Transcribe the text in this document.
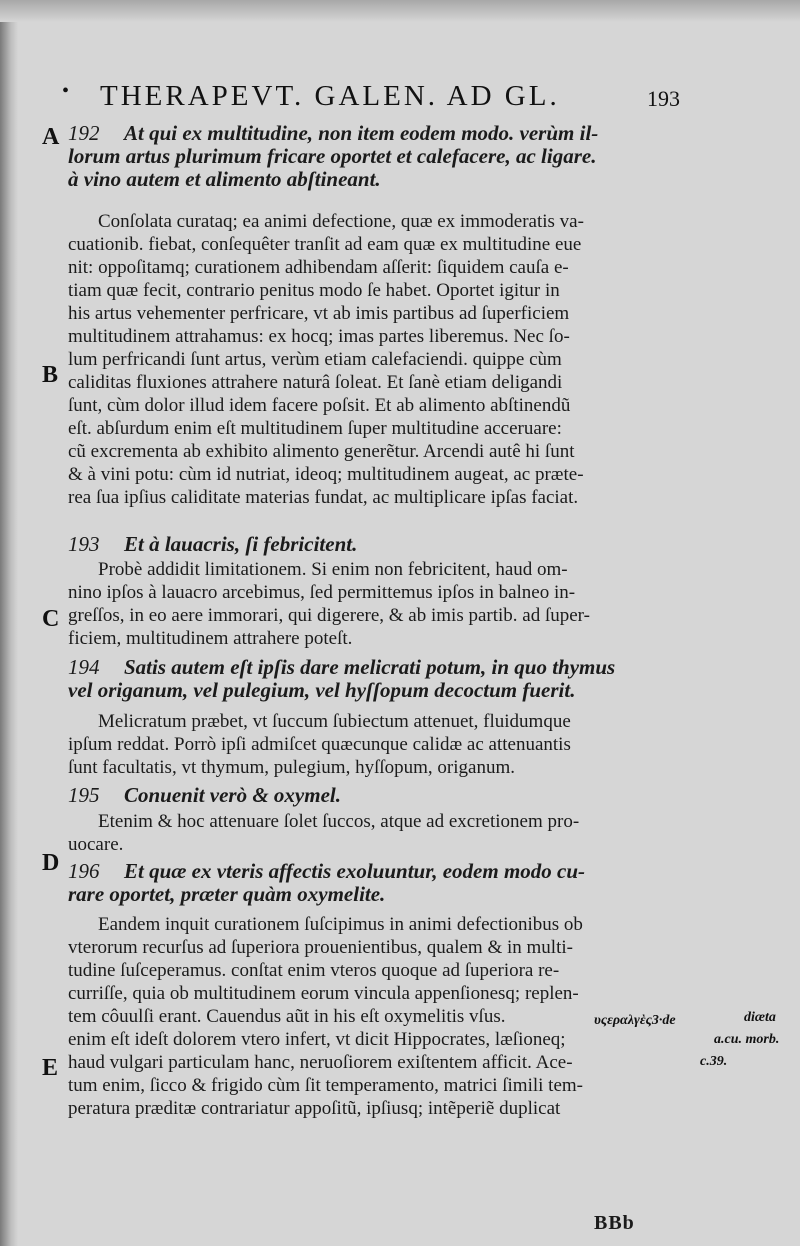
• THERAPEVT. GALEN. AD GL.	193
A
B
C
D
E
υςεραλγὲς3·de	diæta
a.cu. morb.
c.39.
192 At qui ex multitudine, non item eodem modo. verùm il-
lorum artus plurimum fricare oportet et calefacere, ac ligare.
à vino autem et alimento abſtineant.
Conſolata curataq; ea animi defectione, quæ ex immoderatis va-
cuationib. fiebat, conſequêter tranſit ad eam quæ ex multitudine eue
nit: oppoſitamq; curationem adhibendam aſſerit: ſiquidem cauſa e-
tiam quæ fecit, contrario penitus modo ſe habet. Oportet igitur in
his artus vehementer perfricare, vt ab imis partibus ad ſuperficiem
multitudinem attrahamus: ex hocq; imas partes liberemus. Nec ſo-
lum perfricandi ſunt artus, verùm etiam calefaciendi. quippe cùm
caliditas fluxiones attrahere naturâ ſoleat. Et ſanè etiam deligandi
ſunt, cùm dolor illud idem facere poſsit. Et ab alimento abſtinendũ
eſt. abſurdum enim eſt multitudinem ſuper multitudine acceruare:
cũ excrementa ab exhibito alimento generẽtur. Arcendi autê hi ſunt
& à vini potu: cùm id nutriat, ideoq; multitudinem augeat, ac præte-
rea ſua ipſius caliditate materias fundat, ac multiplicare ipſas faciat.
193 Et à lauacris, ſi febricitent.
Probè addidit limitationem. Si enim non febricitent, haud om-
nino ipſos à lauacro arcebimus, ſed permittemus ipſos in balneo in-
greſſos, in eo aere immorari, qui digerere, & ab imis partib. ad ſuper-
ficiem, multitudinem attrahere poteſt.
194 Satis autem eſt ipſis dare melicrati potum, in quo thymus
vel origanum, vel pulegium, vel hyſſopum decoctum fuerit.
Melicratum præbet, vt ſuccum ſubiectum attenuet, fluidumque
ipſum reddat. Porrò ipſi admiſcet quæcunque calidæ ac attenuantis
ſunt facultatis, vt thymum, pulegium, hyſſopum, origanum.
195 Conuenit verò & oxymel.
Etenim & hoc attenuare ſolet ſuccos, atque ad excretionem pro-
uocare.
196 Et quæ ex vteris affectis exoluuntur, eodem modo cu-
rare oportet, præter quàm oxymelite.
Eandem inquit curationem ſuſcipimus in animi defectionibus ob
vterorum recurſus ad ſuperiora prouenientibus, qualem & in multi-
tudine ſuſceperamus. conſtat enim vteros quoque ad ſuperiora re-
curriſſe, quia ob multitudinem eorum vincula appenſionesq; replen-
tem côuulſi erant. Cauendus aũt in his eſt oxymelitis vſus.
enim eſt ideſt dolorem vtero infert, vt dicit Hippocrates, læſioneq;
haud vulgari particulam hanc, neruoſiorem exiſtentem afficit. Ace-
tum enim, ſicco & frigido cùm ſit temperamento, matrici ſimili tem-
peratura præditæ contrariatur appoſitũ, ipſiusq; intẽperiẽ duplicat
BBb
